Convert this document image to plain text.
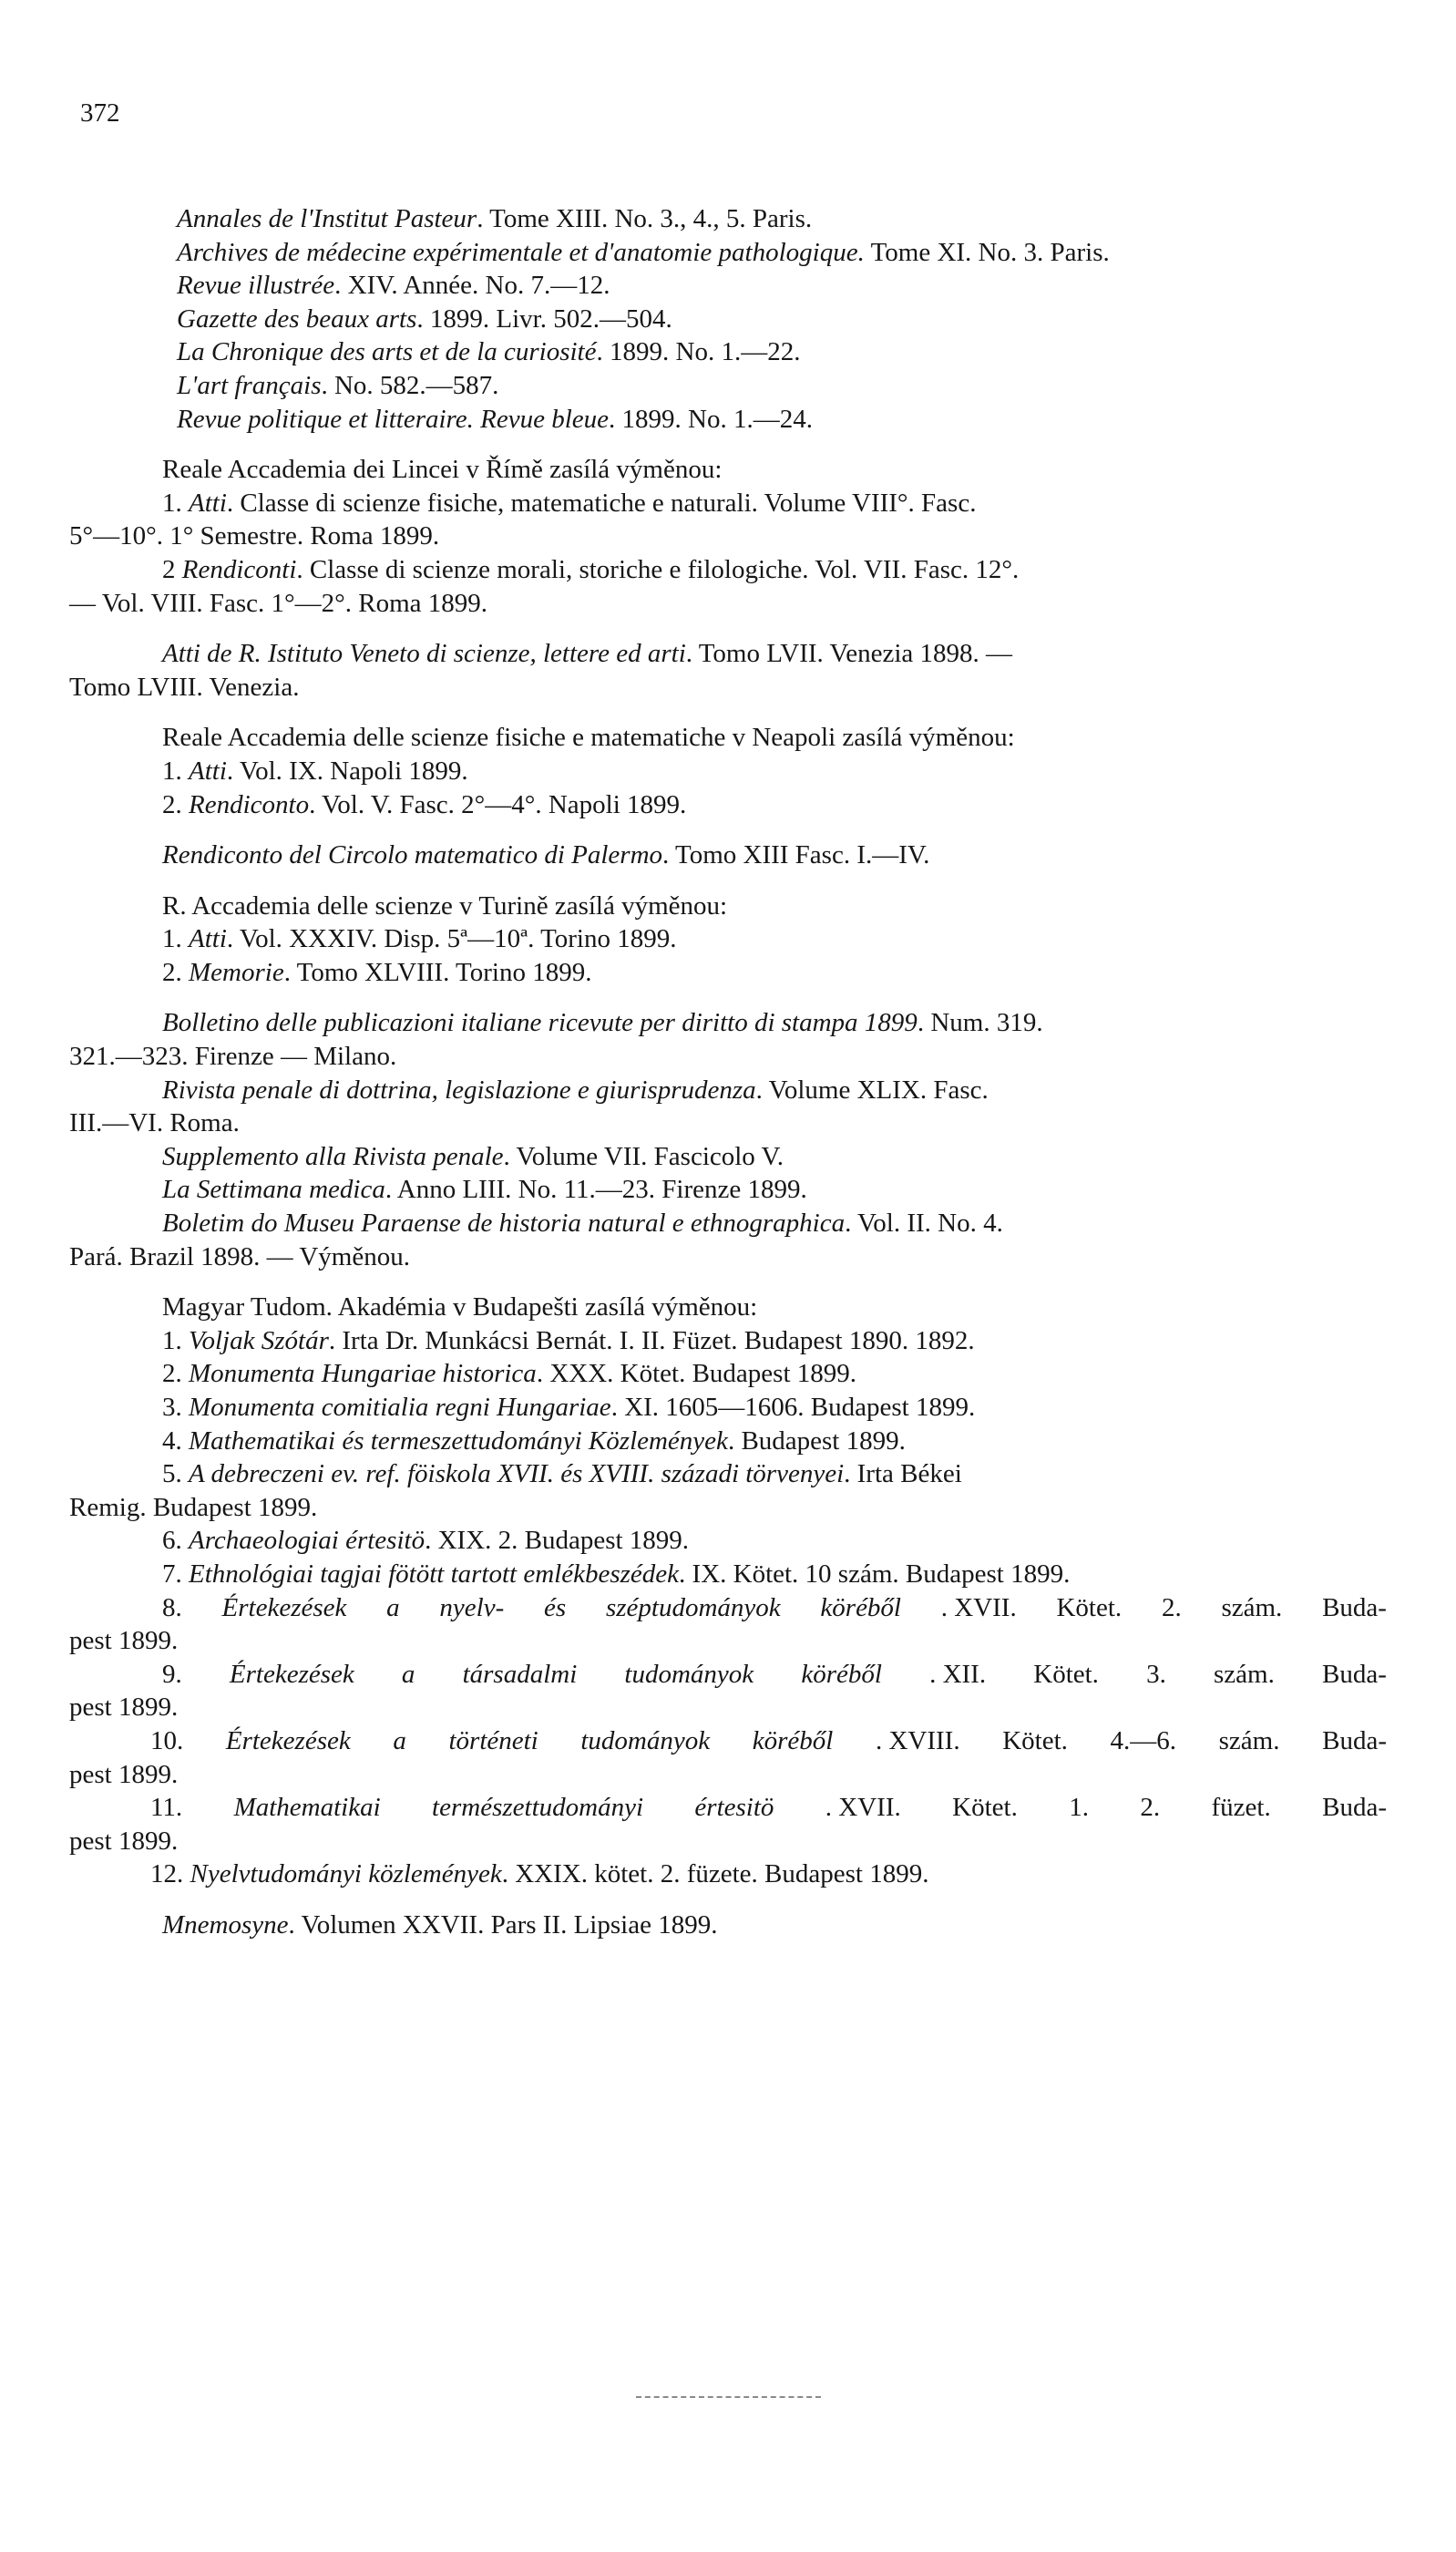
372
Annales de l'Institut Pasteur. Tome XIII. No. 3., 4., 5. Paris.
Archives de médecine expérimentale et d'anatomie pathologique. Tome XI. No. 3. Paris.
Revue illustrée. XIV. Année. No. 7.—12.
Gazette des beaux arts. 1899. Livr. 502.—504.
La Chronique des arts et de la curiosité. 1899. No. 1.—22.
L'art français. No. 582.—587.
Revue politique et litteraire. Revue bleue. 1899. No. 1.—24.
Reale Accademia dei Lincei v Římě zasílá výměnou:
1. Atti. Classe di scienze fisiche, matematiche e naturali. Volume VIII°. Fasc.
5°—10°. 1° Semestre. Roma 1899.
2 Rendiconti. Classe di scienze morali, storiche e filologiche. Vol. VII. Fasc. 12°.
— Vol. VIII. Fasc. 1°—2°. Roma 1899.
Atti de R. Istituto Veneto di scienze, lettere ed arti. Tomo LVII. Venezia 1898. —
Tomo LVIII. Venezia.
Reale Accademia delle scienze fisiche e matematiche v Neapoli zasílá výměnou:
1. Atti. Vol. IX. Napoli 1899.
2. Rendiconto. Vol. V. Fasc. 2°—4°. Napoli 1899.
Rendiconto del Circolo matematico di Palermo. Tomo XIII Fasc. I.—IV.
R. Accademia delle scienze v Turině zasílá výměnou:
1. Atti. Vol. XXXIV. Disp. 5ª—10ª. Torino 1899.
2. Memorie. Tomo XLVIII. Torino 1899.
Bolletino delle publicazioni italiane ricevute per diritto di stampa 1899. Num. 319.
321.—323. Firenze — Milano.
Rivista penale di dottrina, legislazione e giurisprudenza. Volume XLIX. Fasc.
III.—VI. Roma.
Supplemento alla Rivista penale. Volume VII. Fascicolo V.
La Settimana medica. Anno LIII. No. 11.—23. Firenze 1899.
Boletim do Museu Paraense de historia natural e ethnographica. Vol. II. No. 4.
Pará. Brazil 1898. — Výměnou.
Magyar Tudom. Akadémia v Budapešti zasílá výměnou:
1. Voljak Szótár. Irta Dr. Munkácsi Bernát. I. II. Füzet. Budapest 1890. 1892.
2. Monumenta Hungariae historica. XXX. Kötet. Budapest 1899.
3. Monumenta comitialia regni Hungariae. XI. 1605—1606. Budapest 1899.
4. Mathematikai és termeszettudományi Közlemények. Budapest 1899.
5. A debreczeni ev. ref. föiskola XVII. és XVIII. századi törvenyei. Irta Békei
Remig. Budapest 1899.
6. Archaeologiai értesitö. XIX. 2. Budapest 1899.
7. Ethnológiai tagjai fötött tartott emlékbeszédek. IX. Kötet. 10 szám. Budapest 1899.
8. Értekezések a nyelv- és széptudományok köréből . XVII. Kötet. 2. szám. Buda-
pest 1899.
9. Értekezések a társadalmi tudományok köréből . XII. Kötet. 3. szám. Buda-
pest 1899.
10. Értekezések a történeti tudományok köréből . XVIII. Kötet. 4.—6. szám. Buda-
pest 1899.
11. Mathematikai természettudományi értesitö . XVII. Kötet. 1. 2. füzet. Buda-
pest 1899.
12. Nyelvtudományi közlemények. XXIX. kötet. 2. füzete. Budapest 1899.
Mnemosyne. Volumen XXVII. Pars II. Lipsiae 1899.
